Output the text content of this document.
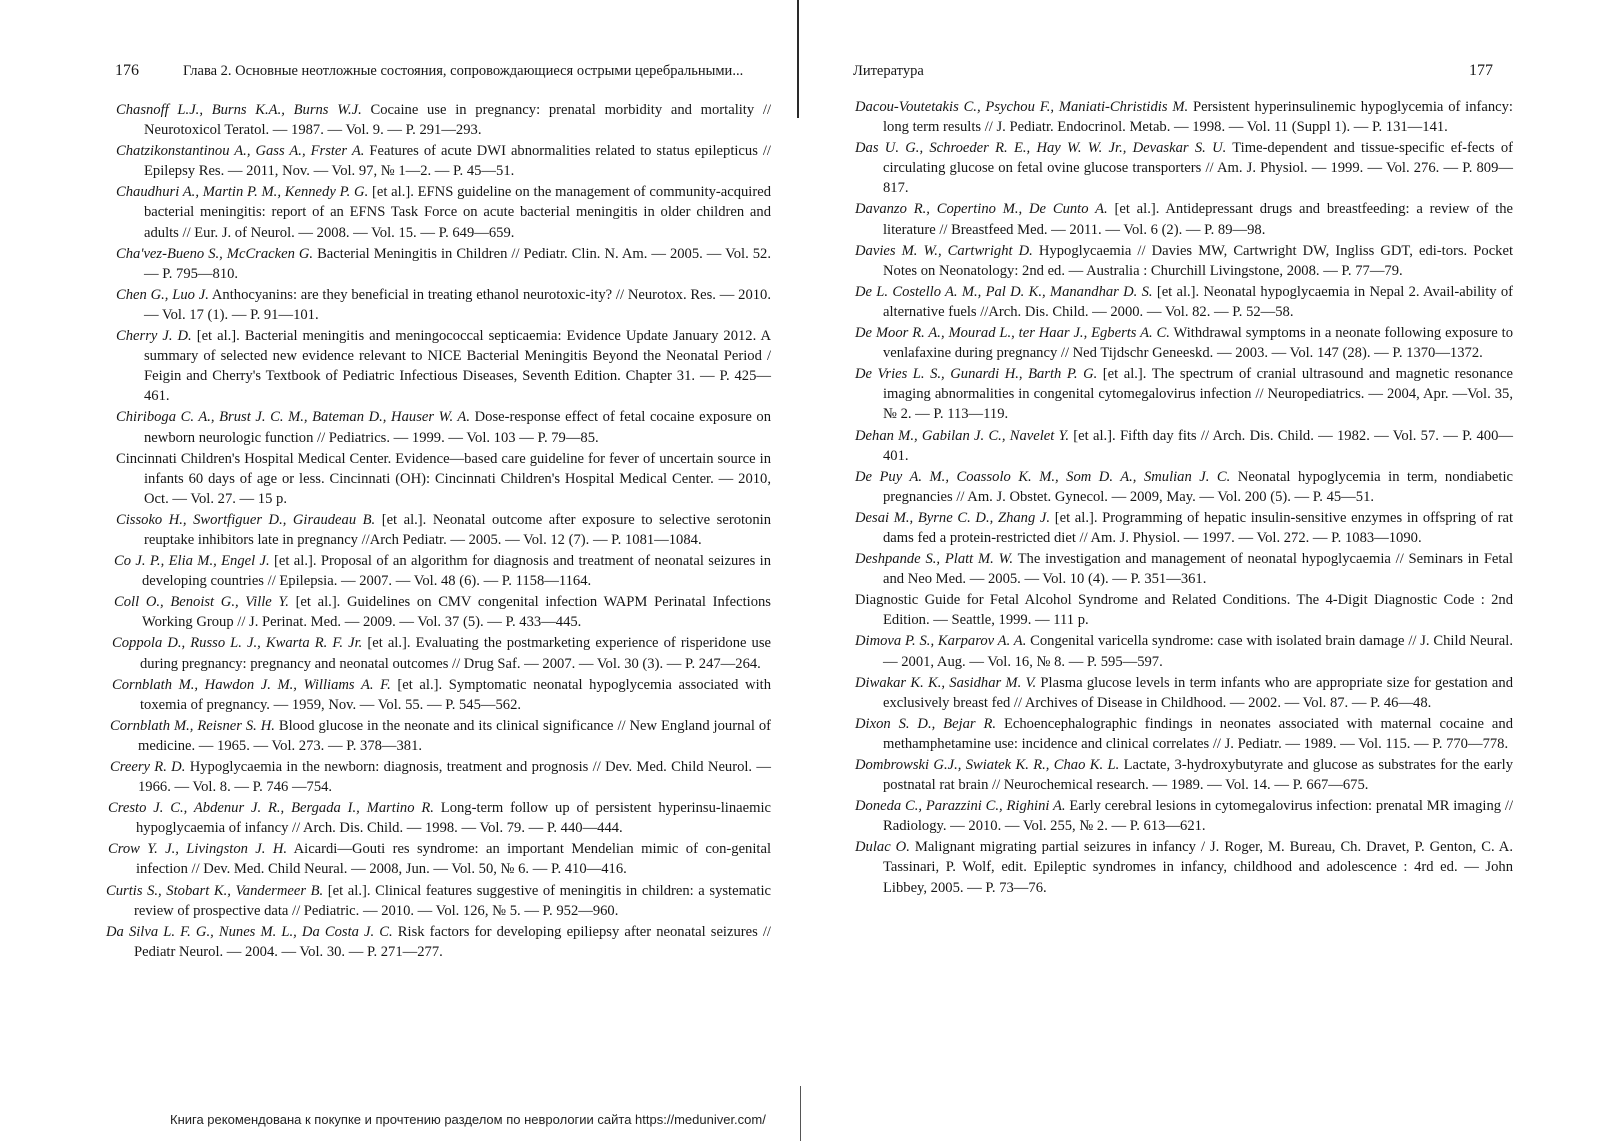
176	Глава 2. Основные неотложные состояния, сопровождающиеся острыми церебральными...
Chasnoff L.J., Burns K.A., Burns W.J. Cocaine use in pregnancy: prenatal morbidity and mortality // Neurotoxicol Teratol. — 1987. — Vol. 9. — P. 291—293.
Chatzikonstantinou A., Gass A., Frster A. Features of acute DWI abnormalities related to status epilepticus // Epilepsy Res. — 2011, Nov. — Vol. 97, № 1—2. — P. 45—51.
Chaudhuri A., Martin P. M., Kennedy P. G. [et al.]. EFNS guideline on the management of community-acquired bacterial meningitis: report of an EFNS Task Force on acute bacterial meningitis in older children and adults // Eur. J. of Neurol. — 2008. — Vol. 15. — P. 649—659.
Cha'vez-Bueno S., McCracken G. Bacterial Meningitis in Children // Pediatr. Clin. N. Am. — 2005. — Vol. 52. — P. 795—810.
Chen G., Luo J. Anthocyanins: are they beneficial in treating ethanol neurotoxic-ity? // Neurotox. Res. — 2010. — Vol. 17 (1). — P. 91—101.
Cherry J. D. [et al.]. Bacterial meningitis and meningococcal septicaemia: Evidence Update January 2012. A summary of selected new evidence relevant to NICE Bacterial Meningitis Beyond the Neonatal Period / Feigin and Cherry's Textbook of Pediatric Infectious Diseases, Seventh Edition. Chapter 31. — P. 425—461.
Chiriboga C. A., Brust J. C. M., Bateman D., Hauser W. A. Dose-response effect of fetal cocaine exposure on newborn neurologic function // Pediatrics. — 1999. — Vol. 103 — P. 79—85.
Cincinnati Children's Hospital Medical Center. Evidence—based care guideline for fever of uncertain source in infants 60 days of age or less. Cincinnati (OH): Cincinnati Children's Hospital Medical Center. — 2010, Oct. — Vol. 27. — 15 p.
Cissoko H., Swortfiguer D., Giraudeau B. [et al.]. Neonatal outcome after exposure to selective serotonin reuptake inhibitors late in pregnancy //Arch Pediatr. — 2005. — Vol. 12 (7). — P. 1081—1084.
Co J. P., Elia M., Engel J. [et al.]. Proposal of an algorithm for diagnosis and treatment of neonatal seizures in developing countries // Epilepsia. — 2007. — Vol. 48 (6). — P. 1158—1164.
Coll O., Benoist G., Ville Y. [et al.]. Guidelines on CMV congenital infection WAPM Perinatal Infections Working Group // J. Perinat. Med. — 2009. — Vol. 37 (5). — P. 433—445.
Coppola D., Russo L. J., Kwarta R. F. Jr. [et al.]. Evaluating the postmarketing experience of risperidone use during pregnancy: pregnancy and neonatal outcomes // Drug Saf. — 2007. — Vol. 30 (3). — P. 247—264.
Cornblath M., Hawdon J. M., Williams A. F. [et al.]. Symptomatic neonatal hypoglycemia associated with toxemia of pregnancy. — 1959, Nov. — Vol. 55. — P. 545—562.
Cornblath M., Reisner S. H. Blood glucose in the neonate and its clinical significance // New England journal of medicine. — 1965. — Vol. 273. — P. 378—381.
Creery R. D. Hypoglycaemia in the newborn: diagnosis, treatment and prognosis // Dev. Med. Child Neurol. — 1966. — Vol. 8. — P. 746 —754.
Cresto J. C., Abdenur J. R., Bergada I., Martino R. Long-term follow up of persistent hyperinsu-linaemic hypoglycaemia of infancy // Arch. Dis. Child. — 1998. — Vol. 79. — P. 440—444.
Crow Y. J., Livingston J. H. Aicardi—Gouti res syndrome: an important Mendelian mimic of con-genital infection // Dev. Med. Child Neural. — 2008, Jun. — Vol. 50, № 6. — P. 410—416.
Curtis S., Stobart K., Vandermeer B. [et al.]. Clinical features suggestive of meningitis in children: a systematic review of prospective data // Pediatric. — 2010. — Vol. 126, № 5. — P. 952—960.
Da Silva L. F. G., Nunes M. L., Da Costa J. C. Risk factors for developing epiliepsy after neonatal seizures // Pediatr Neurol. — 2004. — Vol. 30. — P. 271—277.
Литература	177
Dacou-Voutetakis C., Psychou F., Maniati-Christidis M. Persistent hyperinsulinemic hypoglycemia of infancy: long term results // J. Pediatr. Endocrinol. Metab. — 1998. — Vol. 11 (Suppl 1). — P. 131—141.
Das U. G., Schroeder R. E., Hay W. W. Jr., Devaskar S. U. Time-dependent and tissue-specific ef-fects of circulating glucose on fetal ovine glucose transporters // Am. J. Physiol. — 1999. — Vol. 276. — P. 809—817.
Davanzo R., Copertino M., De Cunto A. [et al.]. Antidepressant drugs and breastfeeding: a review of the literature // Breastfeed Med. — 2011. — Vol. 6 (2). — P. 89—98.
Davies M. W., Cartwright D. Hypoglycaemia // Davies MW, Cartwright DW, Ingliss GDT, edi-tors. Pocket Notes on Neonatology: 2nd ed. — Australia : Churchill Livingstone, 2008. — P. 77—79.
De L. Costello A. M., Pal D. K., Manandhar D. S. [et al.]. Neonatal hypoglycaemia in Nepal 2. Avail-ability of alternative fuels //Arch. Dis. Child. — 2000. — Vol. 82. — P. 52—58.
De Moor R. A., Mourad L., ter Haar J., Egberts A. C. Withdrawal symptoms in a neonate following exposure to venlafaxine during pregnancy // Ned Tijdschr Geneeskd. — 2003. — Vol. 147 (28). — P. 1370—1372.
De Vries L. S., Gunardi H., Barth P. G. [et al.]. The spectrum of cranial ultrasound and magnetic resonance imaging abnormalities in congenital cytomegalovirus infection // Neuropediatrics. — 2004, Apr. —Vol. 35, № 2. — P. 113—119.
Dehan M., Gabilan J. C., Navelet Y. [et al.]. Fifth day fits // Arch. Dis. Child. — 1982. — Vol. 57. — P. 400—401.
De Puy A. M., Coassolo K. M., Som D. A., Smulian J. C. Neonatal hypoglycemia in term, nondiabetic pregnancies // Am. J. Obstet. Gynecol. — 2009, May. — Vol. 200 (5). — P. 45—51.
Desai M., Byrne C. D., Zhang J. [et al.]. Programming of hepatic insulin-sensitive enzymes in offspring of rat dams fed a protein-restricted diet // Am. J. Physiol. — 1997. — Vol. 272. — P. 1083—1090.
Deshpande S., Platt M. W. The investigation and management of neonatal hypoglycaemia // Seminars in Fetal and Neo Med. — 2005. — Vol. 10 (4). — P. 351—361.
Diagnostic Guide for Fetal Alcohol Syndrome and Related Conditions. The 4-Digit Diagnostic Code : 2nd Edition. — Seattle, 1999. — 111 p.
Dimova P. S., Karparov A. A. Congenital varicella syndrome: case with isolated brain damage // J. Child Neural. — 2001, Aug. — Vol. 16, № 8. — P. 595—597.
Diwakar K. K., Sasidhar M. V. Plasma glucose levels in term infants who are appropriate size for gestation and exclusively breast fed // Archives of Disease in Childhood. — 2002. — Vol. 87. — P. 46—48.
Dixon S. D., Bejar R. Echoencephalographic findings in neonates associated with maternal cocaine and methamphetamine use: incidence and clinical correlates // J. Pediatr. — 1989. — Vol. 115. — P. 770—778.
Dombrowski G.J., Swiatek K. R., Chao K. L. Lactate, 3-hydroxybutyrate and glucose as substrates for the early postnatal rat brain // Neurochemical research. — 1989. — Vol. 14. — P. 667—675.
Doneda C., Parazzini C., Righini A. Early cerebral lesions in cytomegalovirus infection: prenatal MR imaging // Radiology. — 2010. — Vol. 255, № 2. — P. 613—621.
Dulac O. Malignant migrating partial seizures in infancy / J. Roger, M. Bureau, Ch. Dravet, P. Genton, C. A. Tassinari, P. Wolf, edit. Epileptic syndromes in infancy, childhood and adolescence : 4rd ed. — John Libbey, 2005. — P. 73—76.
Книга рекомендована к покупке и прочтению разделом по неврологии сайта https://meduniver.com/
